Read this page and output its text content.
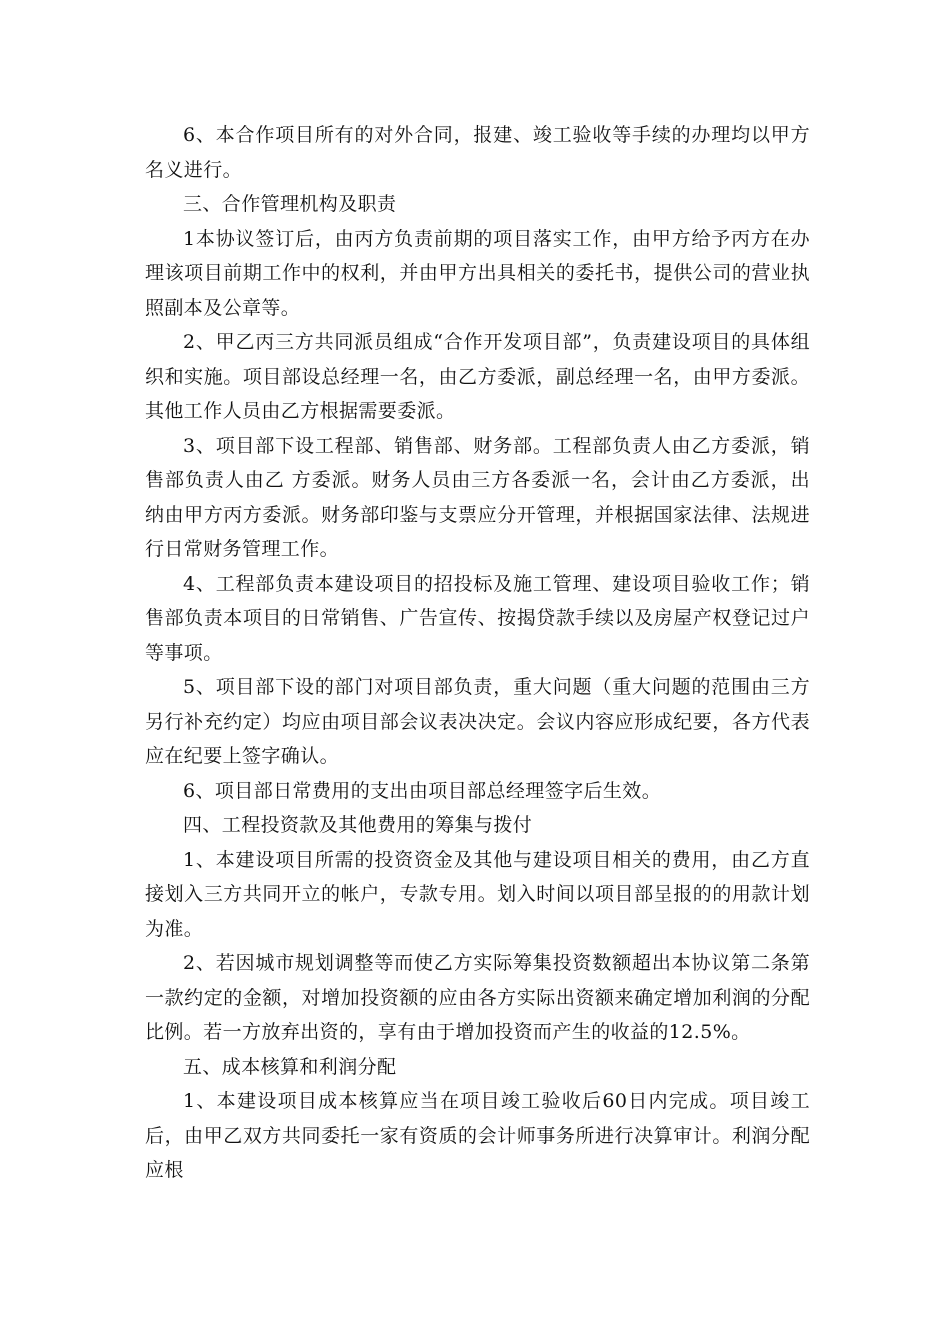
6、本合作项目所有的对外合同，报建、竣工验收等手续的办理均以甲方名义进行。

三、合作管理机构及职责

1本协议签订后，由丙方负责前期的项目落实工作，由甲方给予丙方在办理该项目前期工作中的权利，并由甲方出具相关的委托书，提供公司的营业执照副本及公章等。

2、甲乙丙三方共同派员组成“合作开发项目部”，负责建设项目的具体组织和实施。项目部设总经理一名，由乙方委派，副总经理一名，由甲方委派。其他工作人员由乙方根据需要委派。

3、项目部下设工程部、销售部、财务部。工程部负责人由乙方委派，销售部负责人由乙 方委派。财务人员由三方各委派一名，会计由乙方委派，出纳由甲方丙方委派。财务部印鉴与支票应分开管理，并根据国家法律、法规进行日常财务管理工作。

4、工程部负责本建设项目的招投标及施工管理、建设项目验收工作；销售部负责本项目的日常销售、广告宣传、按揭贷款手续以及房屋产权登记过户等事项。

5、项目部下设的部门对项目部负责，重大问题（重大问题的范围由三方另行补充约定）均应由项目部会议表决决定。会议内容应形成纪要，各方代表应在纪要上签字确认。

6、项目部日常费用的支出由项目部总经理签字后生效。

四、工程投资款及其他费用的筹集与拨付

1、本建设项目所需的投资资金及其他与建设项目相关的费用，由乙方直接划入三方共同开立的帐户，专款专用。划入时间以项目部呈报的的用款计划为准。

2、若因城市规划调整等而使乙方实际筹集投资数额超出本协议第二条第一款约定的金额，对增加投资额的应由各方实际出资额来确定增加利润的分配比例。若一方放弃出资的，享有由于增加投资而产生的收益的12.5%。

五、成本核算和利润分配

1、本建设项目成本核算应当在项目竣工验收后60日内完成。项目竣工后，由甲乙双方共同委托一家有资质的会计师事务所进行决算审计。利润分配应根
